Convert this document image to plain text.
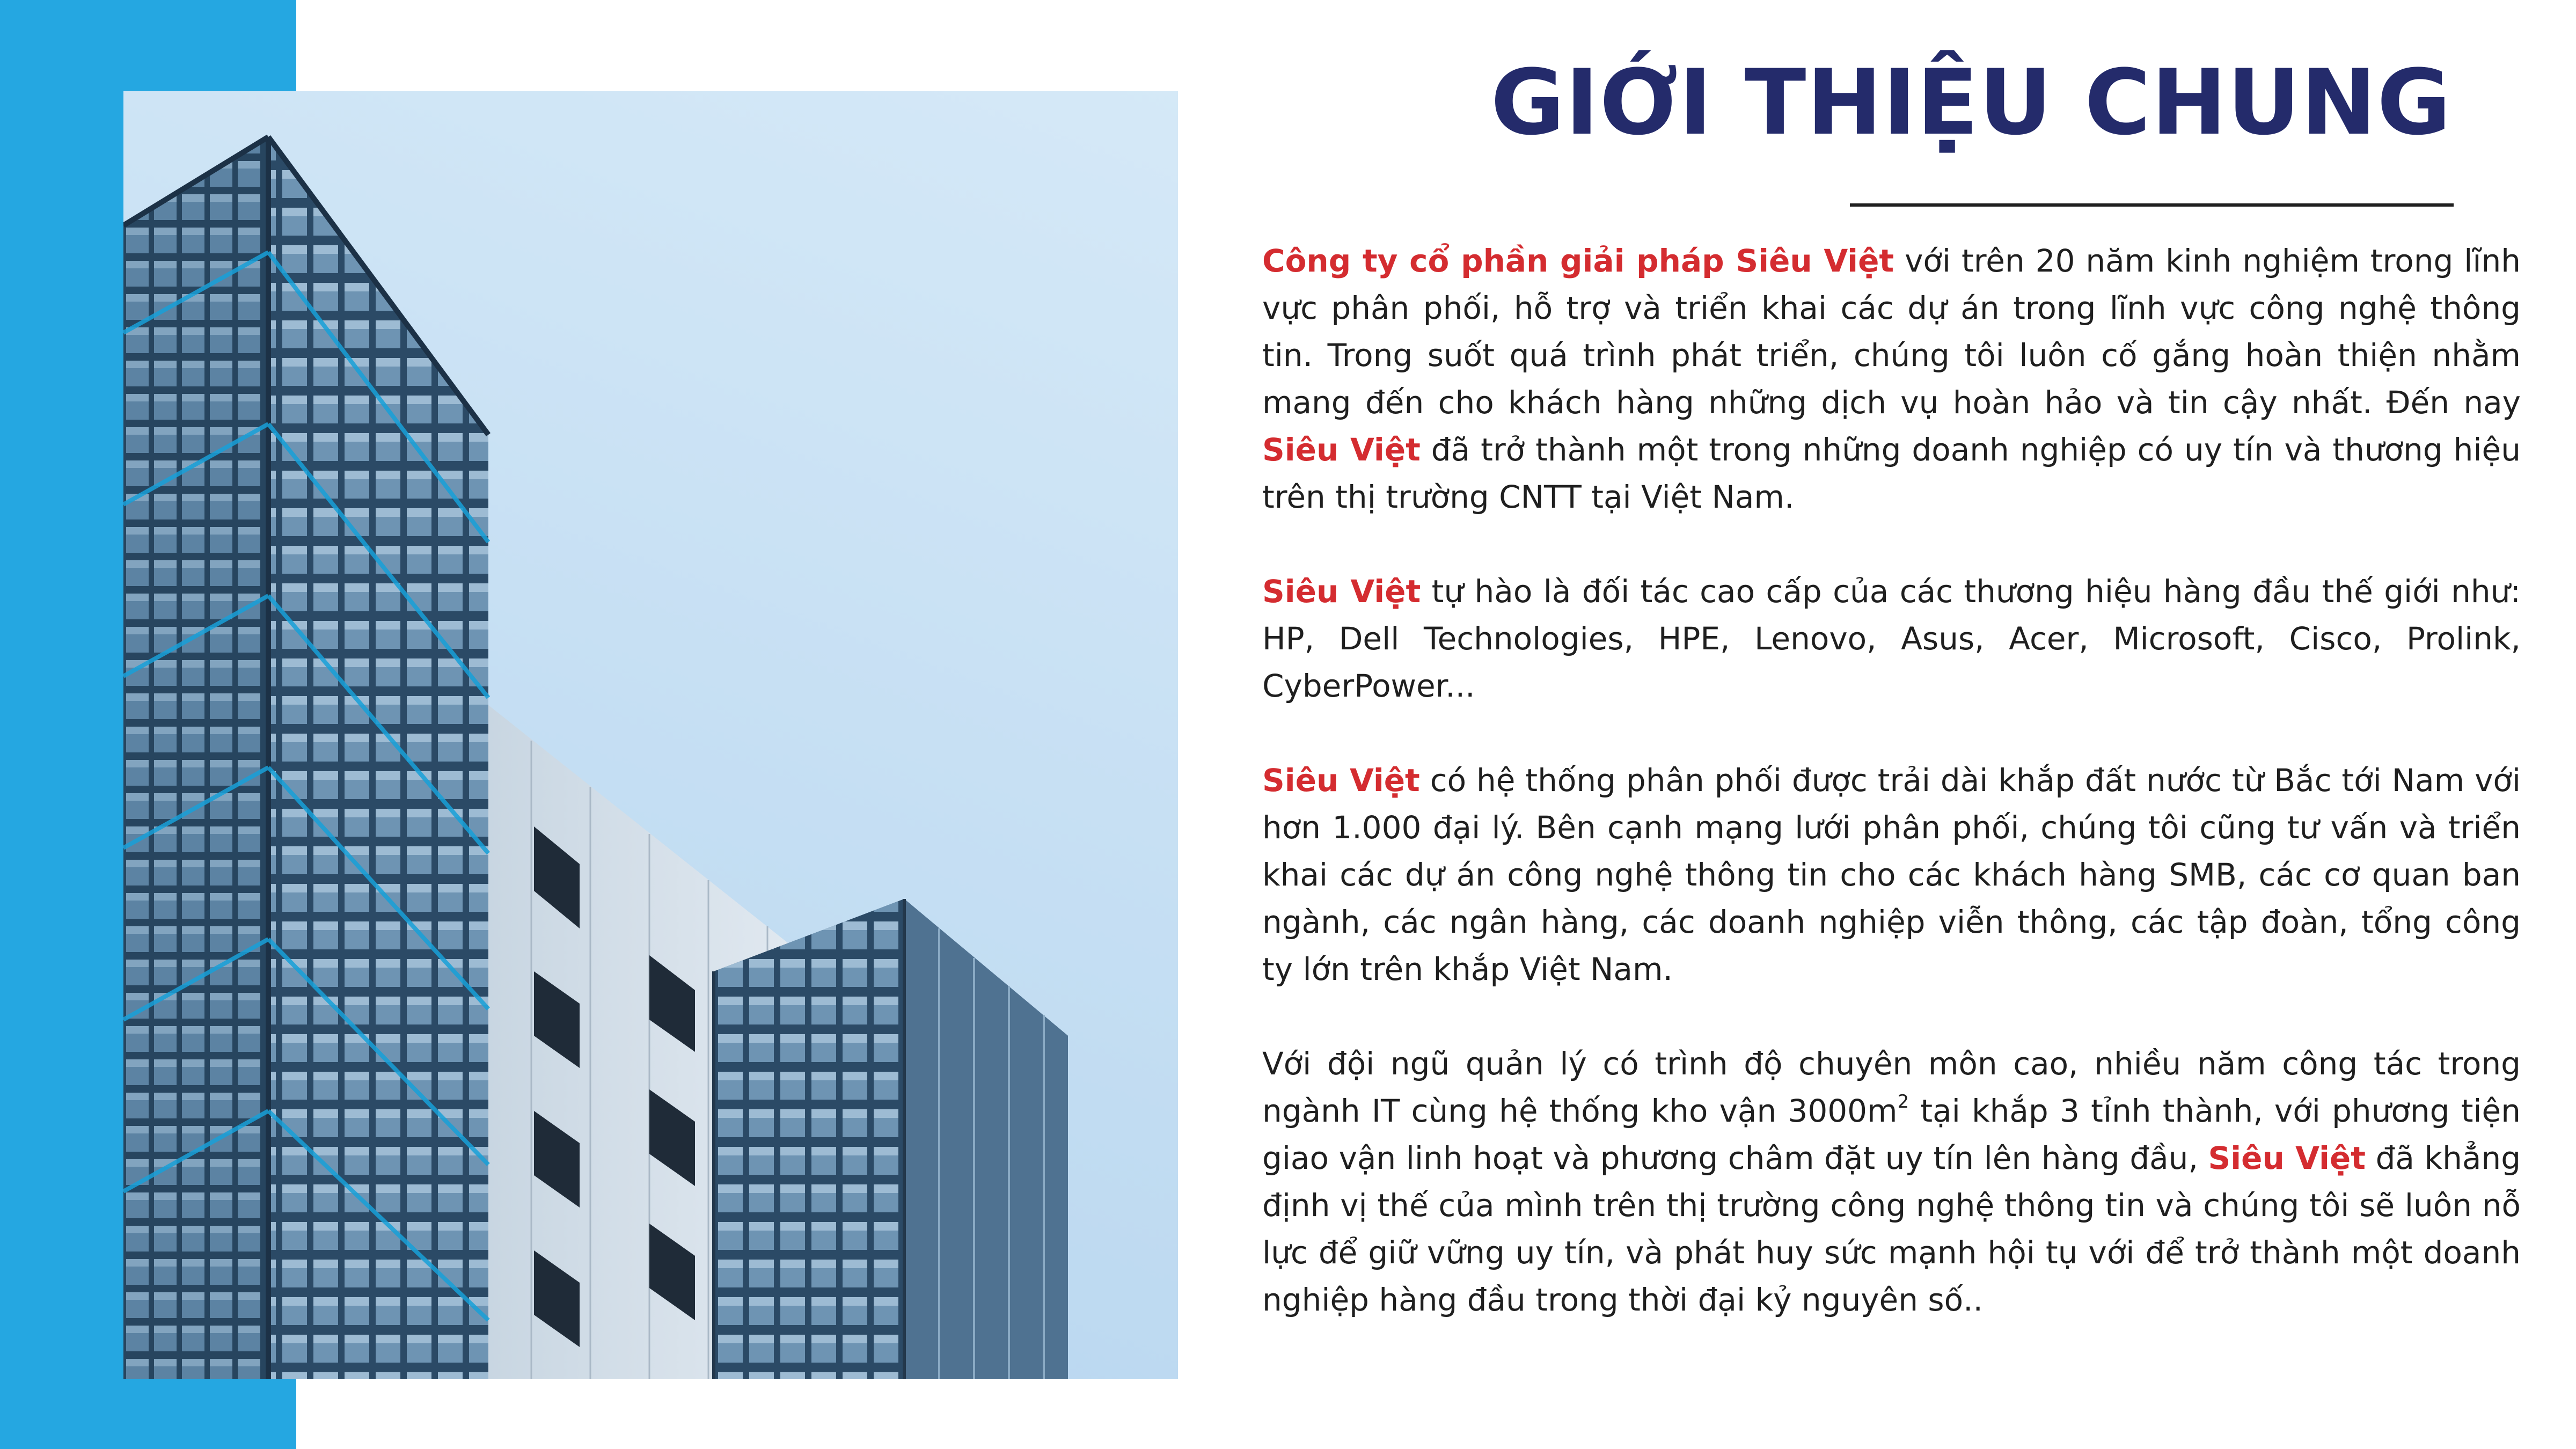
GIỚI THIỆU CHUNG

Công ty cổ phần giải pháp Siêu Việt với trên 20 năm kinh nghiệm trong lĩnh vực phân phối, hỗ trợ và triển khai các dự án trong lĩnh vực công nghệ thông tin. Trong suốt quá trình phát triển, chúng tôi luôn cố gắng hoàn thiện nhằm mang đến cho khách hàng những dịch vụ hoàn hảo và tin cậy nhất. Đến nay Siêu Việt đã trở thành một trong những doanh nghiệp có uy tín và thương hiệu trên thị trường CNTT tại Việt Nam.

Siêu Việt tự hào là đối tác cao cấp của các thương hiệu hàng đầu thế giới như: HP, Dell Technologies, HPE, Lenovo, Asus, Acer, Microsoft, Cisco, Prolink, CyberPower...

Siêu Việt có hệ thống phân phối được trải dài khắp đất nước từ Bắc tới Nam với hơn 1.000 đại lý. Bên cạnh mạng lưới phân phối, chúng tôi cũng tư vấn và triển khai các dự án công nghệ thông tin cho các khách hàng SMB, các cơ quan ban ngành, các ngân hàng, các doanh nghiệp viễn thông, các tập đoàn, tổng công ty lớn trên khắp Việt Nam.

Với đội ngũ quản lý có trình độ chuyên môn cao, nhiều năm công tác trong ngành IT cùng hệ thống kho vận $3000m^2$ tại khắp 3 tỉnh thành, với phương tiện giao vận linh hoạt và phương châm đặt uy tín lên hàng đầu, Siêu Việt đã khẳng định vị thế của mình trên thị trường công nghệ thông tin và chúng tôi sẽ luôn nỗ lực để giữ vững uy tín, và phát huy sức mạnh hội tụ với để trở thành một doanh nghiệp hàng đầu trong thời đại kỷ nguyên số..
